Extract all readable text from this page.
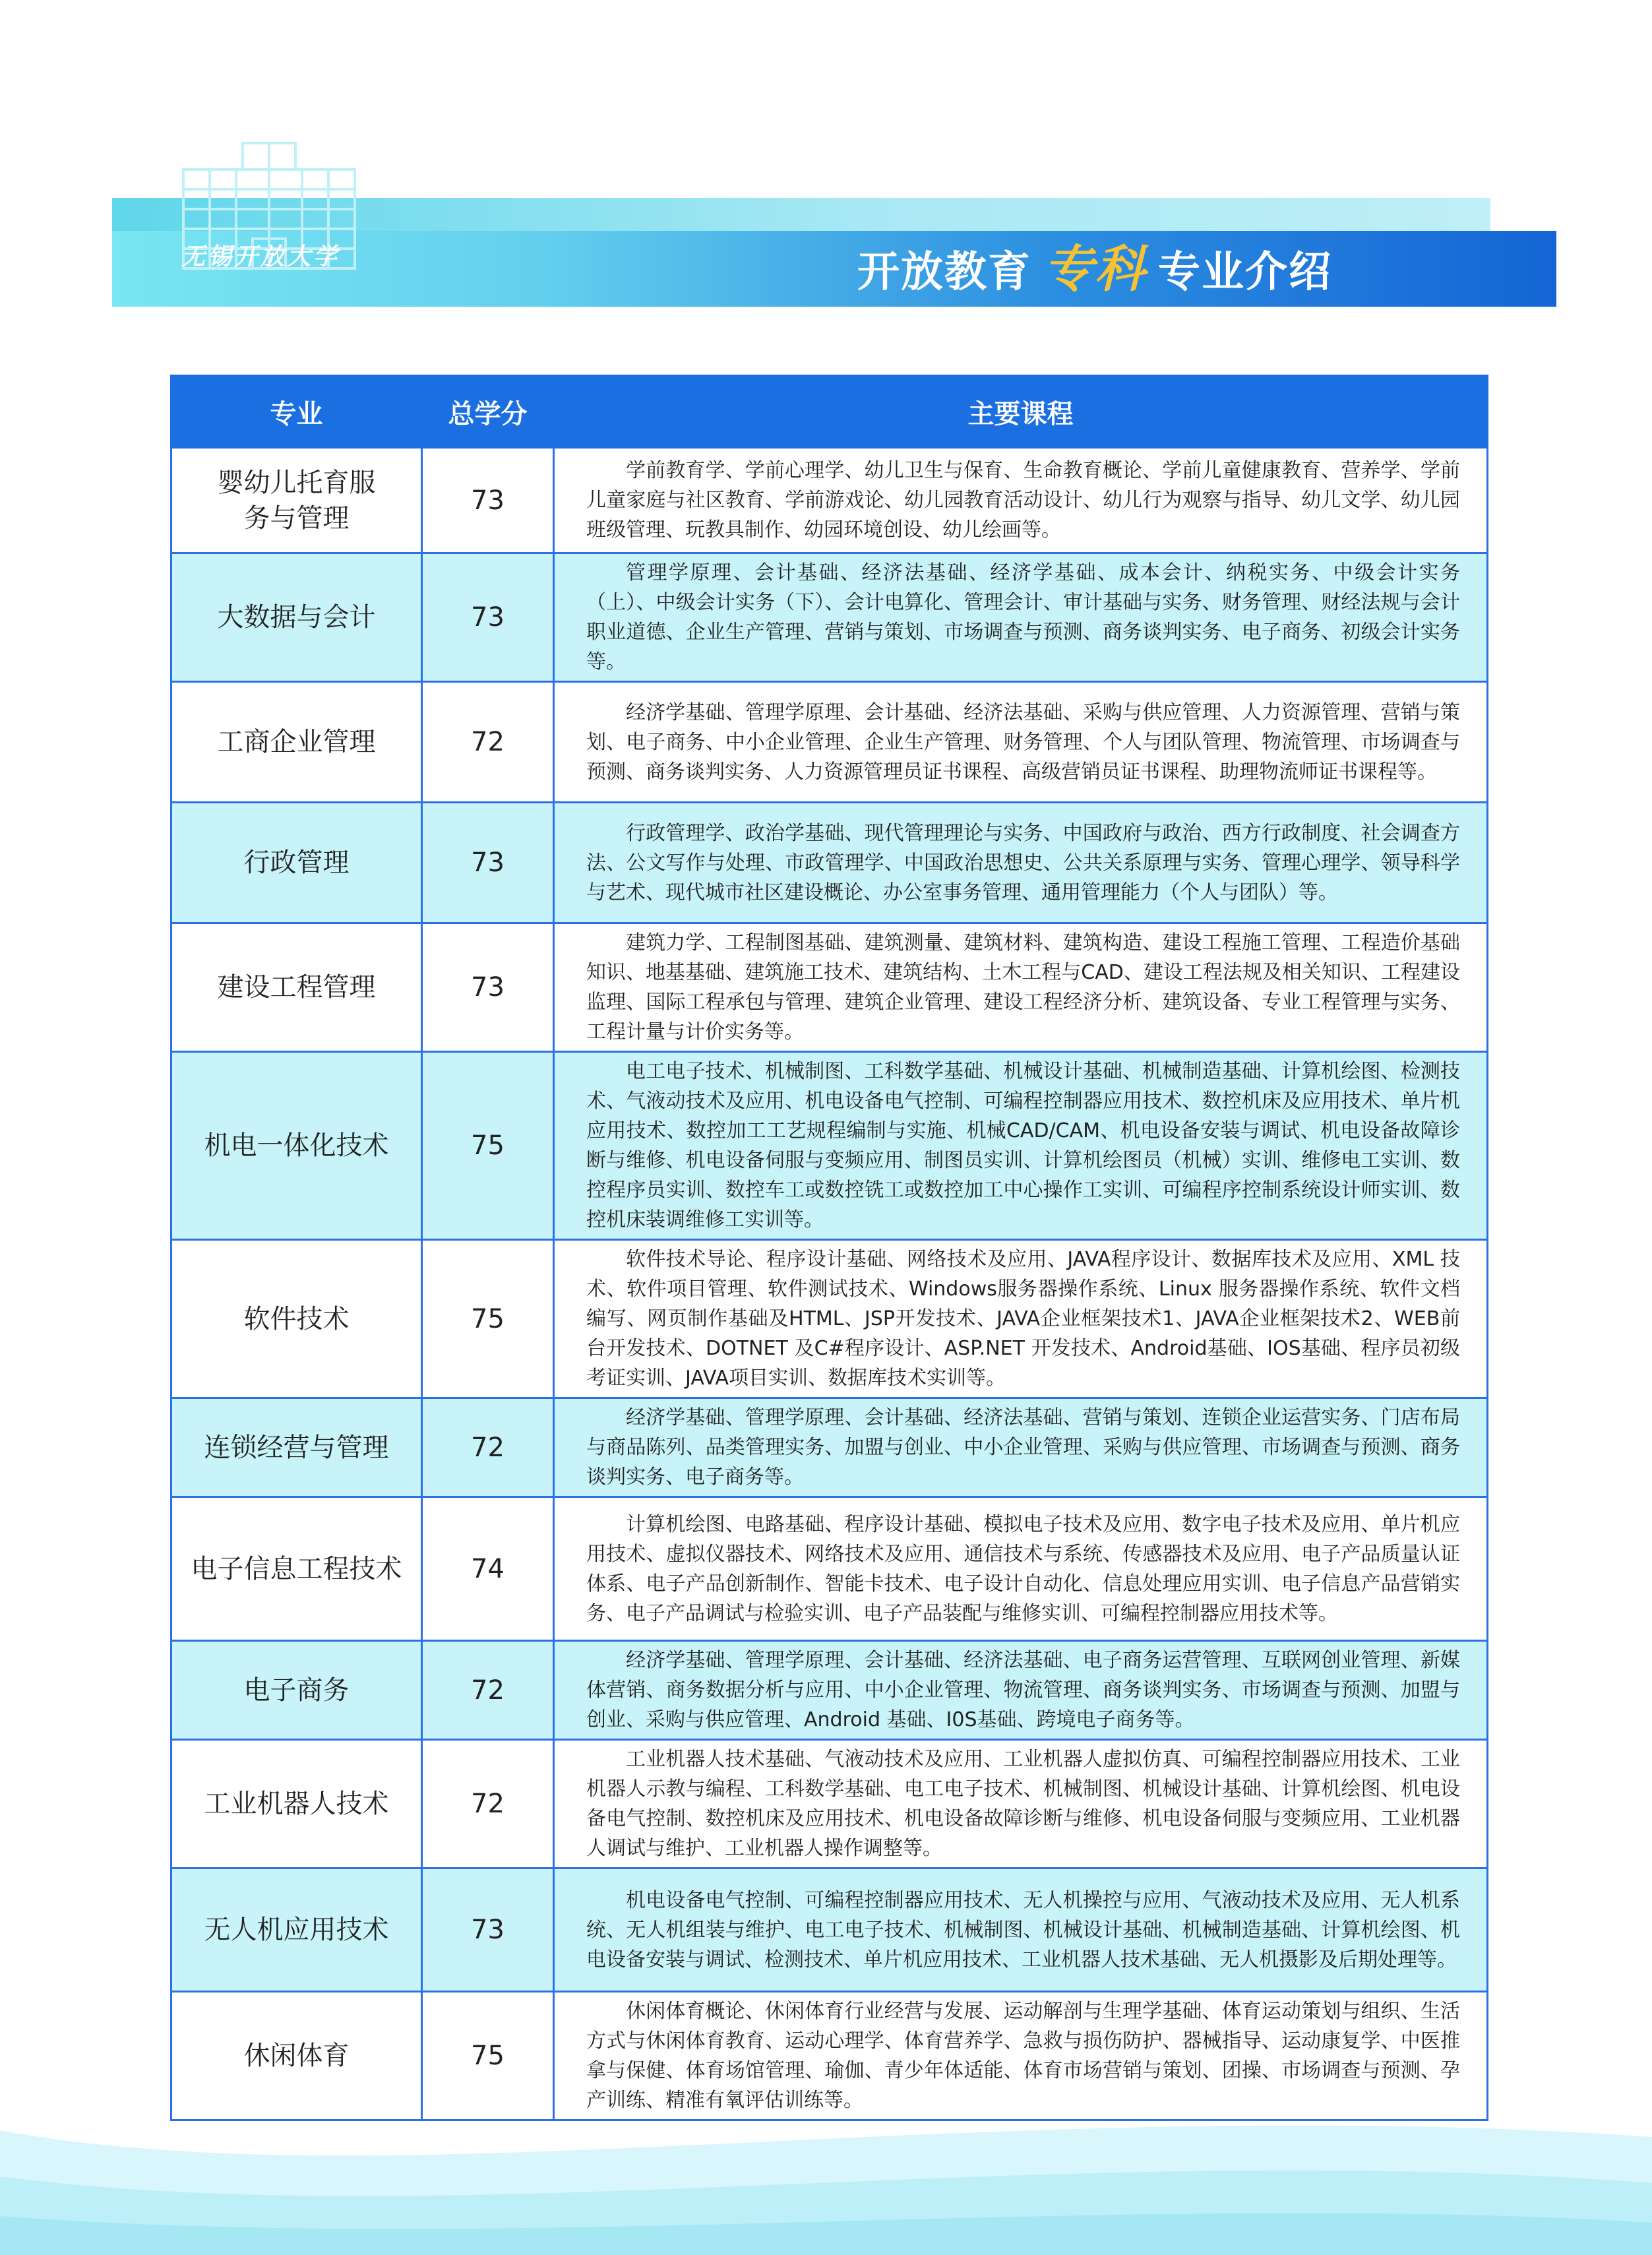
无锡开放大学	开放教育 专科 专业介绍
专业	总学分	主要课程
婴幼儿托育服务与管理	73	学前教育学、学前心理学、幼儿卫生与保育、生命教育概论、学前儿童健康教育、营养学、学前儿童家庭与社区教育、学前游戏论、幼儿园教育活动设计、幼儿行为观察与指导、幼儿文学、幼儿园班级管理、玩教具制作、幼园环境创设、幼儿绘画等。
大数据与会计	73	管理学原理、会计基础、经济法基础、经济学基础、成本会计、纳税实务、中级会计实务（上）、中级会计实务（下）、会计电算化、管理会计、审计基础与实务、财务管理、财经法规与会计职业道德、企业生产管理、营销与策划、市场调查与预测、商务谈判实务、电子商务、初级会计实务等。
工商企业管理	72	经济学基础、管理学原理、会计基础、经济法基础、采购与供应管理、人力资源管理、营销与策划、电子商务、中小企业管理、企业生产管理、财务管理、个人与团队管理、物流管理、市场调查与预测、商务谈判实务、人力资源管理员证书课程、高级营销员证书课程、助理物流师证书课程等。
行政管理	73	行政管理学、政治学基础、现代管理理论与实务、中国政府与政治、西方行政制度、社会调查方法、公文写作与处理、市政管理学、中国政治思想史、公共关系原理与实务、管理心理学、领导科学与艺术、现代城市社区建设概论、办公室事务管理、通用管理能力（个人与团队）等。
建设工程管理	73	建筑力学、工程制图基础、建筑测量、建筑材料、建筑构造、建设工程施工管理、工程造价基础知识、地基基础、建筑施工技术、建筑结构、土木工程与CAD、建设工程法规及相关知识、工程建设监理、国际工程承包与管理、建筑企业管理、建设工程经济分析、建筑设备、专业工程管理与实务、工程计量与计价实务等。
机电一体化技术	75	电工电子技术、机械制图、工科数学基础、机械设计基础、机械制造基础、计算机绘图、检测技术、气液动技术及应用、机电设备电气控制、可编程控制器应用技术、数控机床及应用技术、单片机应用技术、数控加工工艺规程编制与实施、机械CAD/CAM、机电设备安装与调试、机电设备故障诊断与维修、机电设备伺服与变频应用、制图员实训、计算机绘图员（机械）实训、维修电工实训、数控程序员实训、数控车工或数控铣工或数控加工中心操作工实训、可编程序控制系统设计师实训、数控机床装调维修工实训等。
软件技术	75	软件技术导论、程序设计基础、网络技术及应用、JAVA程序设计、数据库技术及应用、XML 技术、软件项目管理、软件测试技术、Windows服务器操作系统、Linux 服务器操作系统、软件文档编写、网页制作基础及HTML、JSP开发技术、JAVA企业框架技术1、JAVA企业框架技术2、WEB前台开发技术、DOTNET 及C#程序设计、ASP.NET 开发技术、Android基础、IOS基础、程序员初级考证实训、JAVA项目实训、数据库技术实训等。
连锁经营与管理	72	经济学基础、管理学原理、会计基础、经济法基础、营销与策划、连锁企业运营实务、门店布局与商品陈列、品类管理实务、加盟与创业、中小企业管理、采购与供应管理、市场调查与预测、商务谈判实务、电子商务等。
电子信息工程技术	74	计算机绘图、电路基础、程序设计基础、模拟电子技术及应用、数字电子技术及应用、单片机应用技术、虚拟仪器技术、网络技术及应用、通信技术与系统、传感器技术及应用、电子产品质量认证体系、电子产品创新制作、智能卡技术、电子设计自动化、信息处理应用实训、电子信息产品营销实务、电子产品调试与检验实训、电子产品装配与维修实训、可编程控制器应用技术等。
电子商务	72	经济学基础、管理学原理、会计基础、经济法基础、电子商务运营管理、互联网创业管理、新媒体营销、商务数据分析与应用、中小企业管理、物流管理、商务谈判实务、市场调查与预测、加盟与创业、采购与供应管理、Android 基础、I0S基础、跨境电子商务等。
工业机器人技术	72	工业机器人技术基础、气液动技术及应用、工业机器人虚拟仿真、可编程控制器应用技术、工业机器人示教与编程、工科数学基础、电工电子技术、机械制图、机械设计基础、计算机绘图、机电设备电气控制、数控机床及应用技术、机电设备故障诊断与维修、机电设备伺服与变频应用、工业机器人调试与维护、工业机器人操作调整等。
无人机应用技术	73	机电设备电气控制、可编程控制器应用技术、无人机操控与应用、气液动技术及应用、无人机系统、无人机组装与维护、电工电子技术、机械制图、机械设计基础、机械制造基础、计算机绘图、机电设备安装与调试、检测技术、单片机应用技术、工业机器人技术基础、无人机摄影及后期处理等。
休闲体育	75	休闲体育概论、休闲体育行业经营与发展、运动解剖与生理学基础、体育运动策划与组织、生活方式与休闲体育教育、运动心理学、体育营养学、急救与损伤防护、器械指导、运动康复学、中医推拿与保健、体育场馆管理、瑜伽、青少年体适能、体育市场营销与策划、团操、市场调查与预测、孕产训练、精准有氧评估训练等。
